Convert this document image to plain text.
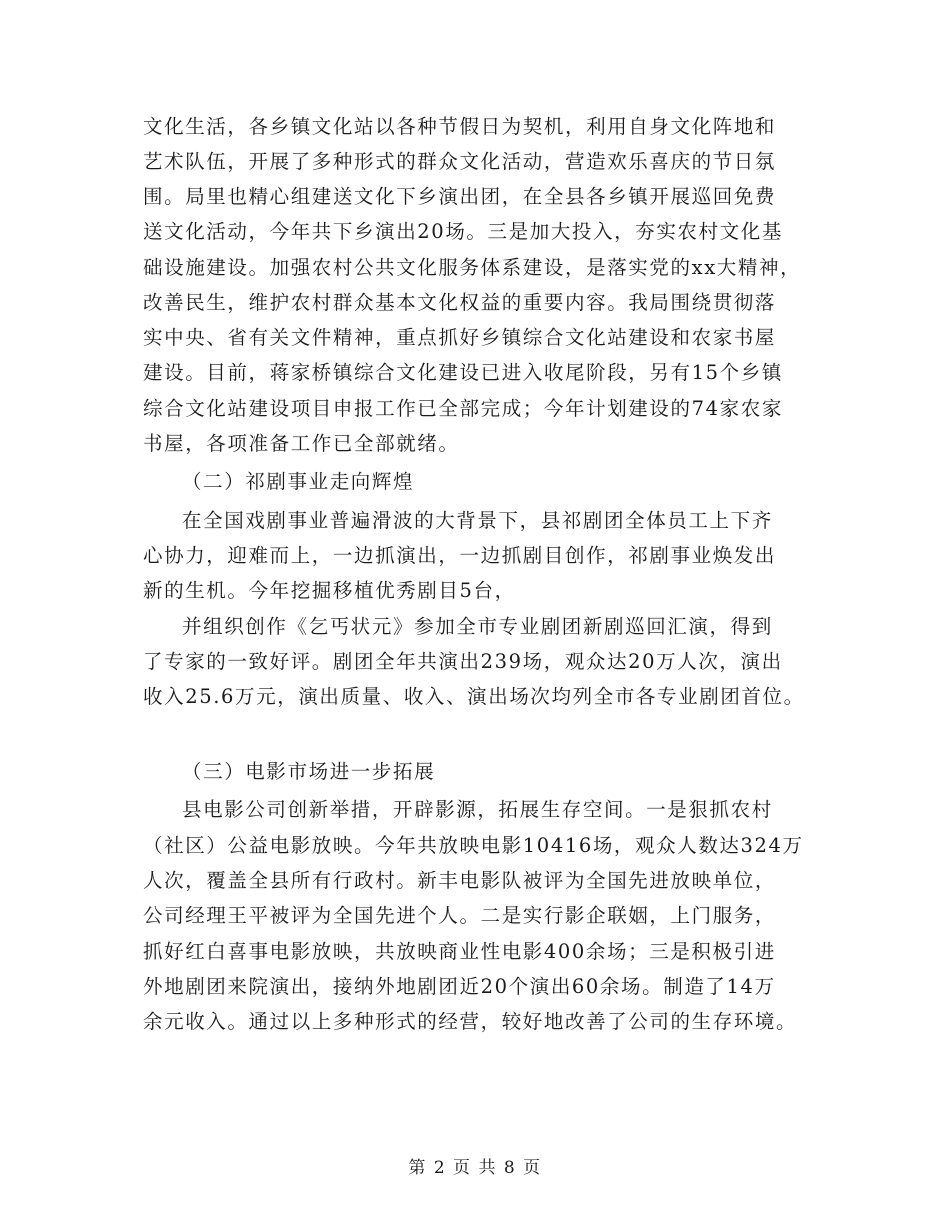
文化生活，各乡镇文化站以各种节假日为契机，利用自身文化阵地和
艺术队伍，开展了多种形式的群众文化活动，营造欢乐喜庆的节日氛
围。局里也精心组建送文化下乡演出团，在全县各乡镇开展巡回免费
送文化活动，今年共下乡演出20场。三是加大投入，夯实农村文化基
础设施建设。加强农村公共文化服务体系建设，是落实党的xx大精神，
改善民生，维护农村群众基本文化权益的重要内容。我局围绕贯彻落
实中央、省有关文件精神，重点抓好乡镇综合文化站建设和农家书屋
建设。目前，蒋家桥镇综合文化建设已进入收尾阶段，另有15个乡镇
综合文化站建设项目申报工作已全部完成；今年计划建设的74家农家
书屋，各项准备工作已全部就绪。
（二）祁剧事业走向辉煌
在全国戏剧事业普遍滑波的大背景下，县祁剧团全体员工上下齐
心协力，迎难而上，一边抓演出，一边抓剧目创作，祁剧事业焕发出
新的生机。今年挖掘移植优秀剧目5台，
并组织创作《乞丐状元》参加全市专业剧团新剧巡回汇演，得到
了专家的一致好评。剧团全年共演出239场，观众达20万人次，演出
收入25.6万元，演出质量、收入、演出场次均列全市各专业剧团首位。
（三）电影市场进一步拓展
县电影公司创新举措，开辟影源，拓展生存空间。一是狠抓农村
（社区）公益电影放映。今年共放映电影10416场，观众人数达324万
人次，覆盖全县所有行政村。新丰电影队被评为全国先进放映单位，
公司经理王平被评为全国先进个人。二是实行影企联姻，上门服务，
抓好红白喜事电影放映，共放映商业性电影400余场；三是积极引进
外地剧团来院演出，接纳外地剧团近20个演出60余场。制造了14万
余元收入。通过以上多种形式的经营，较好地改善了公司的生存环境。
第 2 页 共 8 页
